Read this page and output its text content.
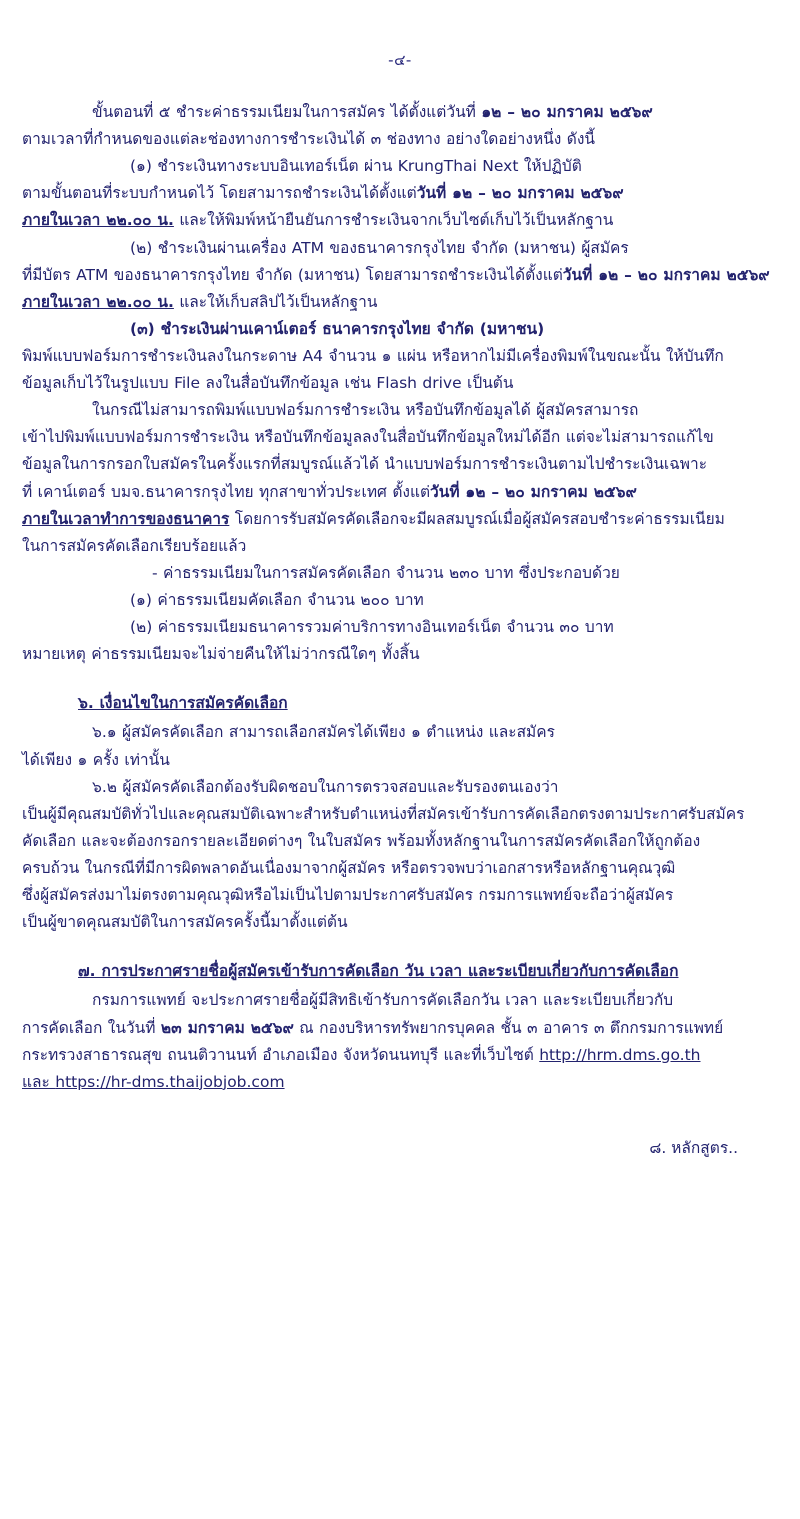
-๔-

ขั้นตอนที่ ๕ ชำระค่าธรรมเนียมในการสมัคร ได้ตั้งแต่วันที่ ๑๒ – ๒๐ มกราคม ๒๕๖๙

ตามเวลาที่กำหนดของแต่ละช่องทางการชำระเงินได้ ๓ ช่องทาง อย่างใดอย่างหนึ่ง ดังนี้

(๑) ชำระเงินทางระบบอินเทอร์เน็ต ผ่าน KrungThai Next ให้ปฏิบัติ

ตามขั้นตอนที่ระบบกำหนดไว้ โดยสามารถชำระเงินได้ตั้งแต่วันที่ ๑๒ – ๒๐ มกราคม ๒๕๖๙

ภายในเวลา ๒๒.๐๐ น. และให้พิมพ์หน้ายืนยันการชำระเงินจากเว็บไซต์เก็บไว้เป็นหลักฐาน

(๒) ชำระเงินผ่านเครื่อง ATM ของธนาคารกรุงไทย จำกัด (มหาชน) ผู้สมัคร

ที่มีบัตร ATM ของธนาคารกรุงไทย จำกัด (มหาชน) โดยสามารถชำระเงินได้ตั้งแต่วันที่ ๑๒ – ๒๐ มกราคม ๒๕๖๙

ภายในเวลา ๒๒.๐๐ น. และให้เก็บสลิปไว้เป็นหลักฐาน

(๓) ชำระเงินผ่านเคาน์เตอร์ ธนาคารกรุงไทย จำกัด (มหาชน)

พิมพ์แบบฟอร์มการชำระเงินลงในกระดาษ A4 จำนวน ๑ แผ่น หรือหากไม่มีเครื่องพิมพ์ในขณะนั้น ให้บันทึก

ข้อมูลเก็บไว้ในรูปแบบ File ลงในสื่อบันทึกข้อมูล เช่น Flash drive เป็นต้น

ในกรณีไม่สามารถพิมพ์แบบฟอร์มการชำระเงิน หรือบันทึกข้อมูลได้ ผู้สมัครสามารถ

เข้าไปพิมพ์แบบฟอร์มการชำระเงิน หรือบันทึกข้อมูลลงในสื่อบันทึกข้อมูลใหม่ได้อีก แต่จะไม่สามารถแก้ไข

ข้อมูลในการกรอกใบสมัครในครั้งแรกที่สมบูรณ์แล้วได้ นำแบบฟอร์มการชำระเงินตามไปชำระเงินเฉพาะ

ที่ เคาน์เตอร์ บมจ.ธนาคารกรุงไทย ทุกสาขาทั่วประเทศ ตั้งแต่วันที่ ๑๒ – ๒๐ มกราคม ๒๕๖๙

ภายในเวลาทำการของธนาคาร โดยการรับสมัครคัดเลือกจะมีผลสมบูรณ์เมื่อผู้สมัครสอบชำระค่าธรรมเนียม

ในการสมัครคัดเลือกเรียบร้อยแล้ว

- ค่าธรรมเนียมในการสมัครคัดเลือก จำนวน ๒๓๐ บาท ซึ่งประกอบด้วย

(๑) ค่าธรรมเนียมคัดเลือก จำนวน ๒๐๐ บาท

(๒) ค่าธรรมเนียมธนาคารรวมค่าบริการทางอินเทอร์เน็ต จำนวน ๓๐ บาท

หมายเหตุ ค่าธรรมเนียมจะไม่จ่ายคืนให้ไม่ว่ากรณีใดๆ ทั้งสิ้น

๖. เงื่อนไขในการสมัครคัดเลือก

๖.๑ ผู้สมัครคัดเลือก สามารถเลือกสมัครได้เพียง ๑ ตำแหน่ง และสมัคร

ได้เพียง ๑ ครั้ง เท่านั้น

๖.๒ ผู้สมัครคัดเลือกต้องรับผิดชอบในการตรวจสอบและรับรองตนเองว่า

เป็นผู้มีคุณสมบัติทั่วไปและคุณสมบัติเฉพาะสำหรับตำแหน่งที่สมัครเข้ารับการคัดเลือกตรงตามประกาศรับสมัคร

คัดเลือก และจะต้องกรอกรายละเอียดต่างๆ ในใบสมัคร พร้อมทั้งหลักฐานในการสมัครคัดเลือกให้ถูกต้อง

ครบถ้วน ในกรณีที่มีการผิดพลาดอันเนื่องมาจากผู้สมัคร หรือตรวจพบว่าเอกสารหรือหลักฐานคุณวุฒิ

ซึ่งผู้สมัครส่งมาไม่ตรงตามคุณวุฒิหรือไม่เป็นไปตามประกาศรับสมัคร กรมการแพทย์จะถือว่าผู้สมัคร

เป็นผู้ขาดคุณสมบัติในการสมัครครั้งนี้มาตั้งแต่ต้น

๗. การประกาศรายชื่อผู้สมัครเข้ารับการคัดเลือก วัน เวลา และระเบียบเกี่ยวกับการคัดเลือก

กรมการแพทย์ จะประกาศรายชื่อผู้มีสิทธิเข้ารับการคัดเลือกวัน เวลา และระเบียบเกี่ยวกับ

การคัดเลือก ในวันที่ ๒๓ มกราคม ๒๕๖๙ ณ กองบริหารทรัพยากรบุคคล ชั้น ๓ อาคาร ๓ ตึกกรมการแพทย์

กระทรวงสาธารณสุข ถนนติวานนท์ อำเภอเมือง จังหวัดนนทบุรี และที่เว็บไซต์ http://hrm.dms.go.th

และ https://hr-dms.thaijobjob.com

๘. หลักสูตร..
